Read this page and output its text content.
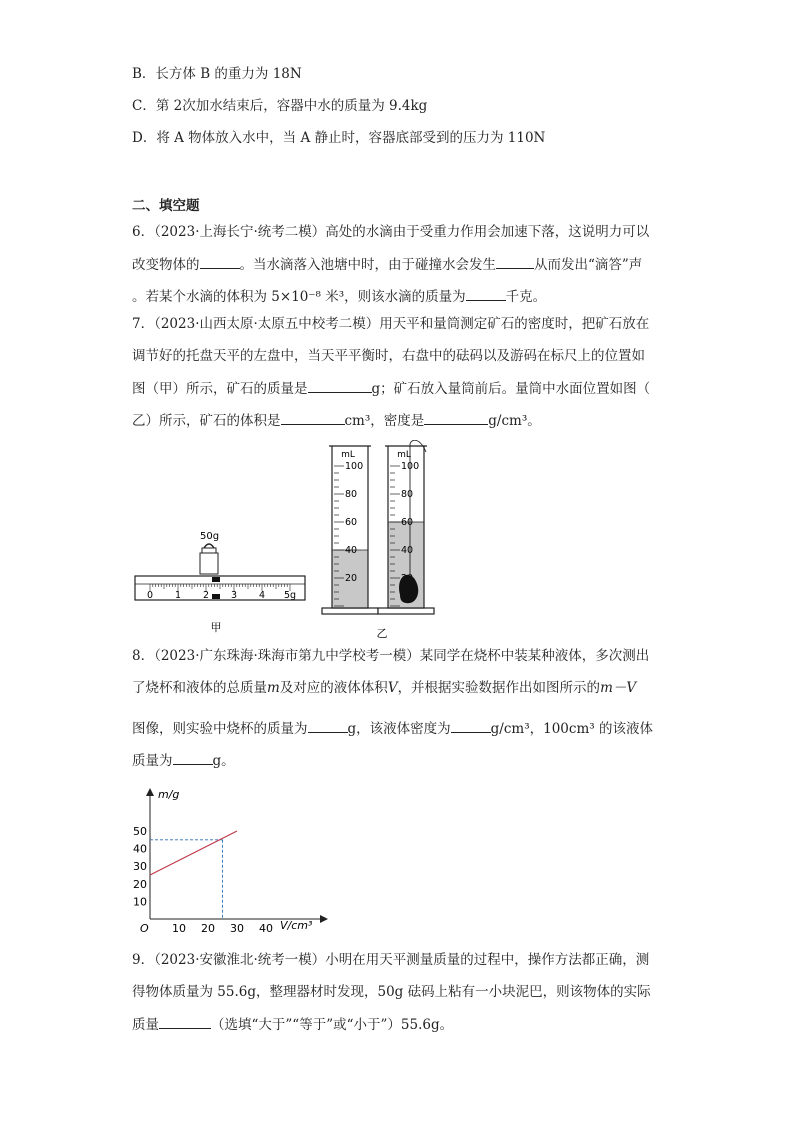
B．长方体 B 的重力为 18N
C．第 2次加水结束后，容器中水的质量为 9.4kg
D．将 A 物体放入水中，当 A 静止时，容器底部受到的压力为 110N
二、填空题
6．（2023·上海长宁·统考二模）高处的水滴由于受重力作用会加速下落，这说明力可以
改变物体的	。当水滴落入池塘中时，由于碰撞水会发生	从而发出“滴答”声
。若某个水滴的体积为 5×10⁻⁸ 米³，则该水滴的质量为	千克。
7．（2023·山西太原·太原五中校考二模）用天平和量筒测定矿石的密度时，把矿石放在
调节好的托盘天平的左盘中，当天平平衡时，右盘中的砝码以及游码在标尺上的位置如
图（甲）所示，矿石的质量是	g；矿石放入量筒前后。量筒中水面位置如图（
乙）所示，矿石的体积是	cm³，密度是	g/cm³。
50g
0 1 2 3 4 5g
甲
mL
100
80
60
40
20
mL
100
80
60
40
乙
8．（2023·广东珠海·珠海市第九中学校考一模）某同学在烧杯中装某种液体，多次测出
了烧杯和液体的总质量m及对应的液体体积V，并根据实验数据作出如图所示的m－V
图像，则实验中烧杯的质量为	g，该液体密度为	g/cm³，100cm³ 的该液体
质量为	g。
m/g
V/cm³
O 10 20 30 40
10
20
30
40
50
9．（2023·安徽淮北·统考一模）小明在用天平测量质量的过程中，操作方法都正确，测
得物体质量为 55.6g，整理器材时发现，50g 砝码上粘有一小块泥巴，则该物体的实际
质量	（选填“大于”“等于”或“小于”）55.6g。
